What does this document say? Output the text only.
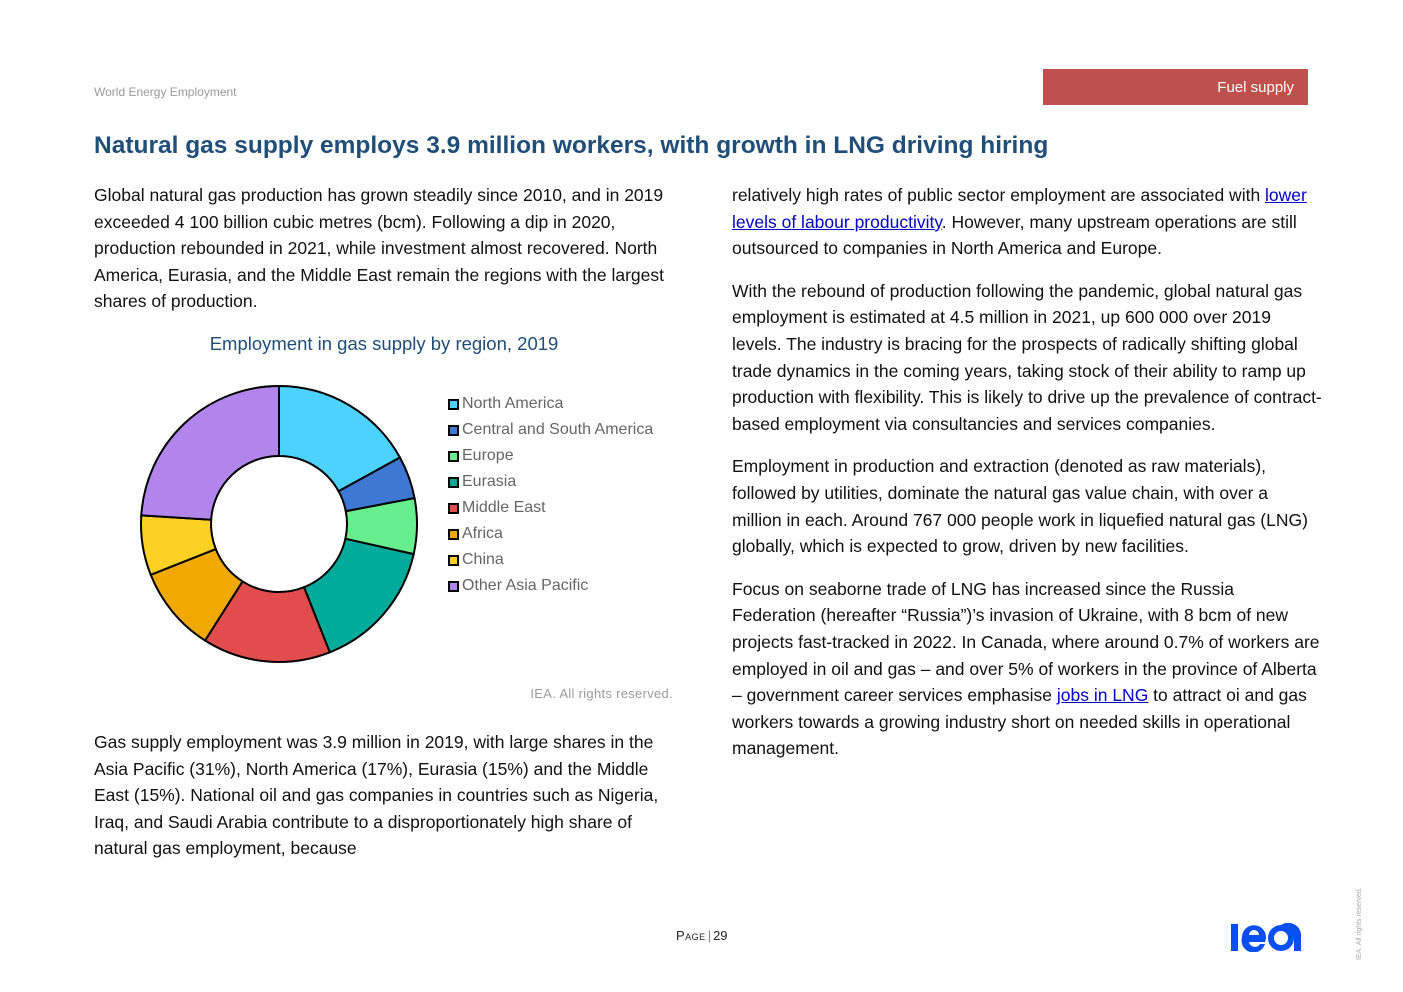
World Energy Employment	Fuel supply
Natural gas supply employs 3.9 million workers, with growth in LNG driving hiring

Global natural gas production has grown steadily since 2010, and in 2019 exceeded 4 100 billion cubic metres (bcm). Following a dip in 2020, production rebounded in 2021, while investment almost recovered. North America, Eurasia, and the Middle East remain the regions with the largest shares of production.

Employment in gas supply by region, 2019
North America
Central and South America
Europe
Eurasia
Middle East
Africa
China
Other Asia Pacific
IEA. All rights reserved.

Gas supply employment was 3.9 million in 2019, with large shares in the Asia Pacific (31%), North America (17%), Eurasia (15%) and the Middle East (15%). National oil and gas companies in countries such as Nigeria, Iraq, and Saudi Arabia contribute to a disproportionately high share of natural gas employment, because

relatively high rates of public sector employment are associated with lower levels of labour productivity. However, many upstream operations are still outsourced to companies in North America and Europe.

With the rebound of production following the pandemic, global natural gas employment is estimated at 4.5 million in 2021, up 600 000 over 2019 levels. The industry is bracing for the prospects of radically shifting global trade dynamics in the coming years, taking stock of their ability to ramp up production with flexibility. This is likely to drive up the prevalence of contract-based employment via consultancies and services companies.

Employment in production and extraction (denoted as raw materials), followed by utilities, dominate the natural gas value chain, with over a million in each. Around 767 000 people work in liquefied natural gas (LNG) globally, which is expected to grow, driven by new facilities.

Focus on seaborne trade of LNG has increased since the Russia Federation (hereafter “Russia”)’s invasion of Ukraine, with 8 bcm of new projects fast-tracked in 2022. In Canada, where around 0.7% of workers are employed in oil and gas – and over 5% of workers in the province of Alberta – government career services emphasise jobs in LNG to attract oi and gas workers towards a growing industry short on needed skills in operational management.

Page | 29	IEA. All rights reserved.
